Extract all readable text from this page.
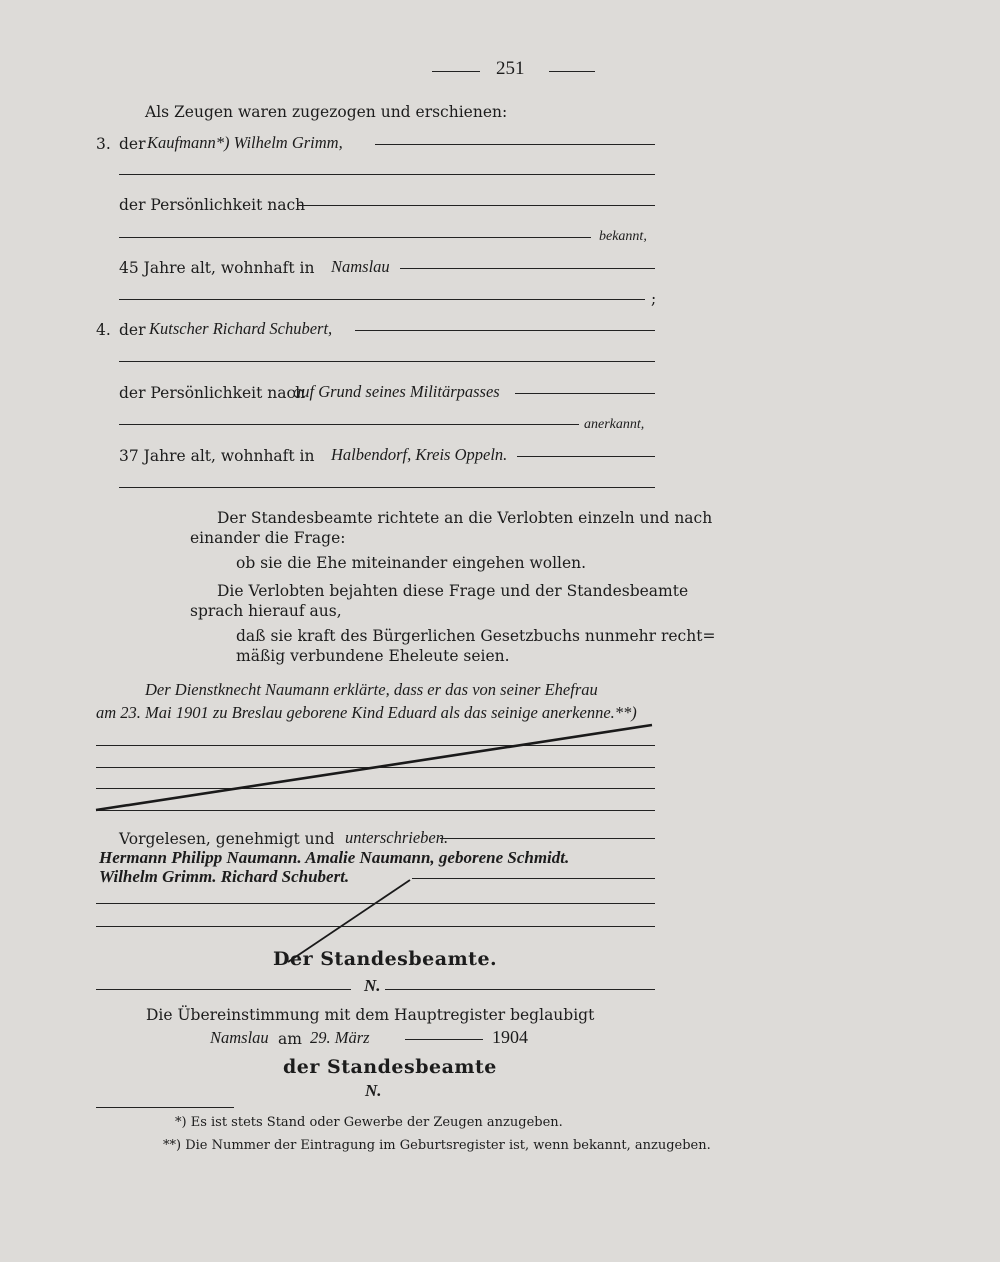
251
Als Zeugen waren zugezogen und erschienen:
3. der Kaufmann*) Wilhelm Grimm,
der Persönlichkeit nach
bekannt,
45 Jahre alt, wohnhaft in Namslau
;
4. der Kutscher Richard Schubert,
der Persönlichkeit nach
auf Grund seines Militärpasses
anerkannt,
37 Jahre alt, wohnhaft in Halbendorf, Kreis Oppeln.
Der Standesbeamte richtete an die Verlobten einzeln und nach
einander die Frage:
ob sie die Ehe miteinander eingehen wollen.
Die Verlobten bejahten diese Frage und der Standesbeamte
sprach hierauf aus,
daß sie kraft des Bürgerlichen Gesetzbuchs nunmehr recht=
mäßig verbundene Eheleute seien.
Der Dienstknecht Naumann erklärte, dass er das von seiner Ehefrau
am 23. Mai 1901 zu Breslau geborene Kind Eduard als das seinige anerkenne.**)
Vorgelesen, genehmigt und unterschrieben.
Hermann Philipp Naumann. Amalie Naumann, geborene Schmidt.
Wilhelm Grimm. Richard Schubert.
Der Standesbeamte.
N.
Die Übereinstimmung mit dem Hauptregister beglaubigt
Namslau am 29. März	1904
der Standesbeamte
N.
*) Es ist stets Stand oder Gewerbe der Zeugen anzugeben.
**) Die Nummer der Eintragung im Geburtsregister ist, wenn bekannt, anzugeben.
